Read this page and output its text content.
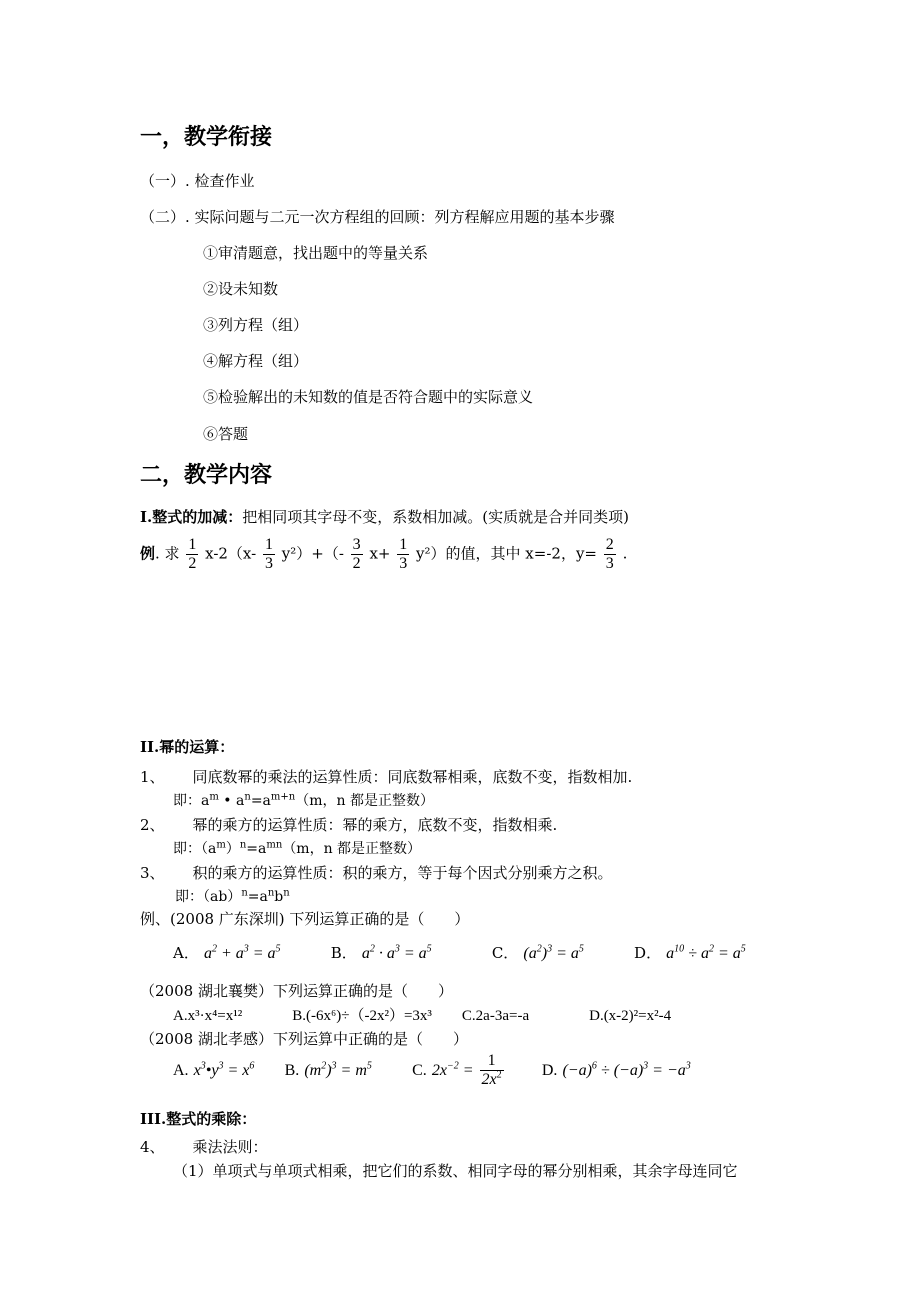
一，教学衔接
（一）. 检查作业
（二）. 实际问题与二元一次方程组的回顾：列方程解应用题的基本步骤
①审清题意，找出题中的等量关系
②设未知数
③列方程（组）
④解方程（组）
⑤检验解出的未知数的值是否符合题中的实际意义
⑥答题
二，教学内容
I.整式的加减：把相同项其字母不变，系数相加减。(实质就是合并同类项)
例. 求 $\frac{1}{2} x-2(x- \frac{1}{3} y^2)+(- \frac{3}{2} x+ \frac{1}{3} y^2)$的值，其中 x=-2，$y= \frac{2}{3}$ .
II.幂的运算：
1、 同底数幂的乘法的运算性质：同底数幂相乘，底数不变，指数相加.
即：$a^m$ • $a^n=a^{m+n}(m$，n 都是正整数）
2、 幂的乘方的运算性质：幂的乘方，底数不变，指数相乘.
即：$(a^m)^n=a^{mn}(m$，n 都是正整数）
3、 积的乘方的运算性质：积的乘方，等于每个因式分别乘方之积。
即：$(ab)^n=a^nb^n$
例、(2008 广东深圳) 下列运算正确的是（　　）
A． $a^2 + a^3 = a^5$	B． $a^2 \cdot a^3 = a^5$	C． $(a^2)^3 = a^5$	D． $a^{10} \div a^2 = a^5$
（2008 湖北襄樊）下列运算正确的是（　　）
A.x³·x⁴=x¹²	B.(-6x⁶)÷（-2x²）=3x³ C.2a-3a=-a	D.(x-2)²=x²-4
（2008 湖北孝感）下列运算中正确的是（　　）
A. $x^3•y^3 = x^6$ B. $(m^2)^3 = m^5$	C. $2x^{-2} = \frac{1}{2x^2} D$. $(-a)^6 \div (-a)^3 = -a^3$
III.整式的乘除：
4、 乘法法则：
（1）单项式与单项式相乘，把它们的系数、相同字母的幂分别相乘，其余字母连同它
